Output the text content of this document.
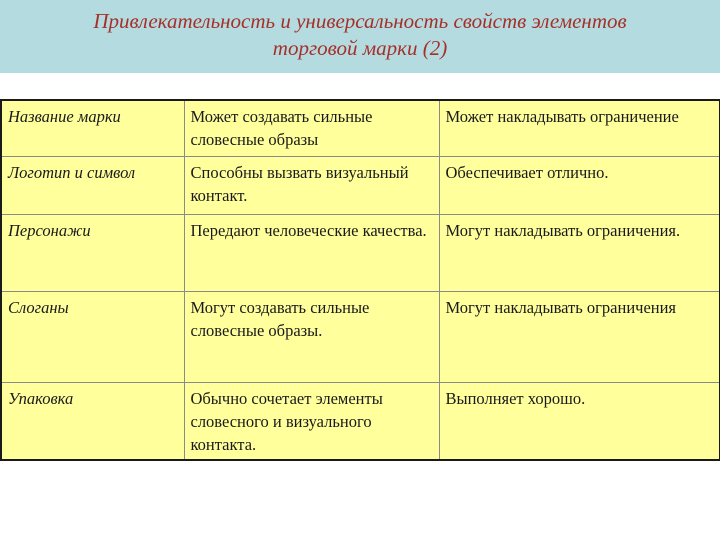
Привлекательность и универсальность свойств элементов
торговой марки (2)
Название марки	Может создавать сильные словесные образы	Может накладывать ограничение
Логотип и символ	Способны вызвать визуальный контакт.	Обеспечивает отлично.
Персонажи	Передают человеческие качества.	Могут накладывать ограничения.
Слоганы	Могут создавать сильные словесные образы.	Могут накладывать ограничения
Упаковка	Обычно сочетает элементы словесного и визуального контакта.	Выполняет хорошо.
